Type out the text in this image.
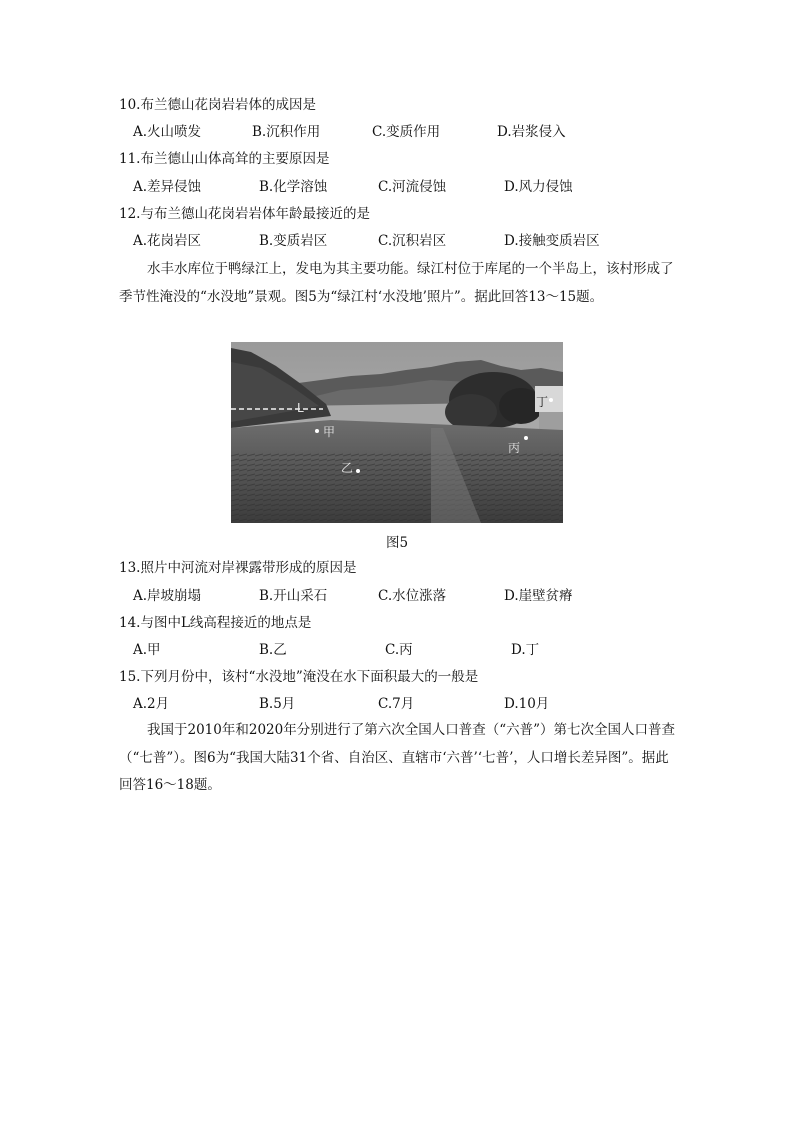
10.布兰德山花岗岩岩体的成因是
A.火山喷发	B.沉积作用	C.变质作用	D.岩浆侵入
11.布兰德山山体高耸的主要原因是
A.差异侵蚀	B.化学溶蚀	C.河流侵蚀	D.风力侵蚀
12.与布兰德山花岗岩岩体年龄最接近的是
A.花岗岩区	B.变质岩区	C.沉积岩区	D.接触变质岩区
水丰水库位于鸭绿江上，发电为其主要功能。绿江村位于库尾的一个半岛上，该村形成了季节性淹没的“水没地”景观。图5为“绿江村‘水没地’照片”。据此回答13～15题。
L
甲
乙
丙
丁
图5
13.照片中河流对岸裸露带形成的原因是
A.岸坡崩塌	B.开山采石	C.水位涨落	D.崖壁贫瘠
14.与图中L线高程接近的地点是
A.甲	B.乙	C.丙	D.丁
15.下列月份中，该村“水没地”淹没在水下面积最大的一般是
A.2月	B.5月	C.7月	D.10月
我国于2010年和2020年分别进行了第六次全国人口普查（“六普”）第七次全国人口普查（“七普”）。图6为“我国大陆31个省、自治区、直辖市‘六普’‘七普’，人口增长差异图”。据此回答16～18题。
